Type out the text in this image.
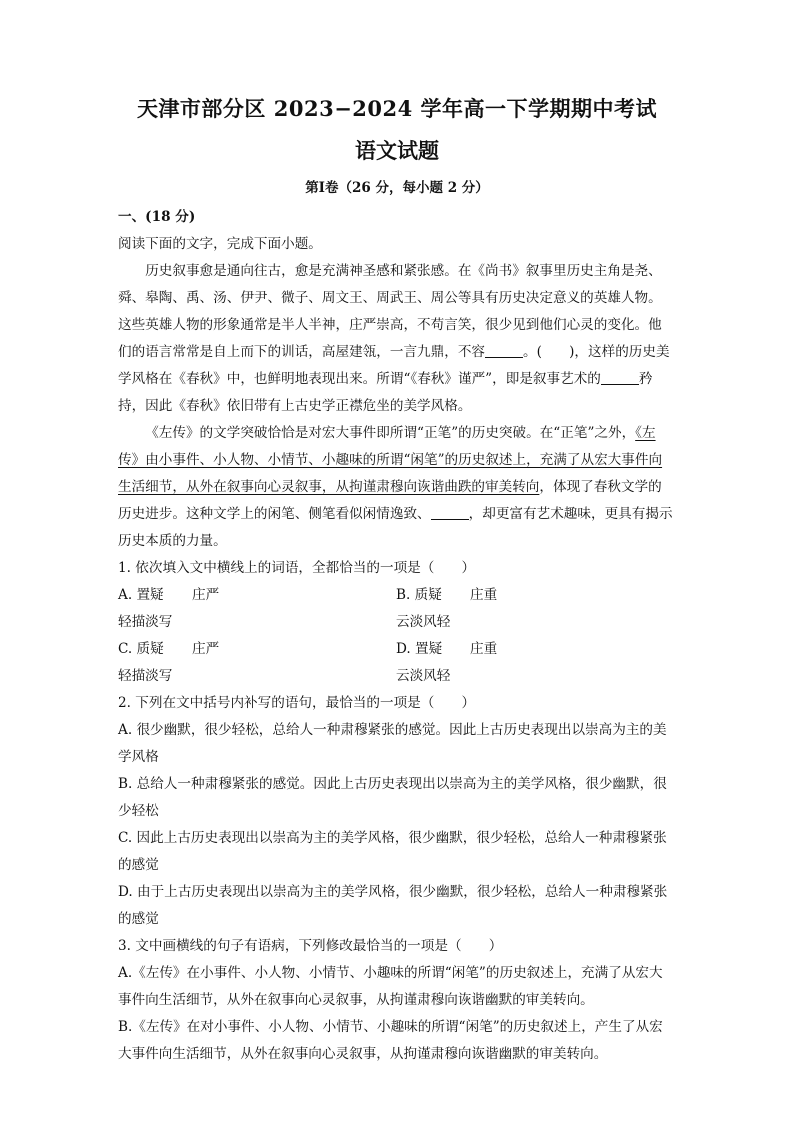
天津市部分区 2023−2024 学年高一下学期期中考试
语文试题
第Ⅰ卷（26 分，每小题 2 分）

一、(18 分)

阅读下面的文字，完成下面小题。

历史叙事愈是通向往古，愈是充满神圣感和紧张感。在《尚书》叙事里历史主角是尧、舜、皋陶、禹、汤、伊尹、微子、周文王、周武王、周公等具有历史决定意义的英雄人物。这些英雄人物的形象通常是半人半神，庄严崇高，不苟言笑，很少见到他们心灵的变化。他们的语言常常是自上而下的训话，高屋建瓴，一言九鼎，不容	。(　　)，这样的历史美学风格在《春秋》中，也鲜明地表现出来。所谓“《春秋》谨严”，即是叙事艺术的	矜持，因此《春秋》依旧带有上古史学正襟危坐的美学风格。

《左传》的文学突破恰恰是对宏大事件即所谓“正笔”的历史突破。在“正笔”之外，《左传》由小事件、小人物、小情节、小趣味的所谓“闲笔”的历史叙述上，充满了从宏大事件向生活细节，从外在叙事向心灵叙事，从拘谨肃穆向诙谐曲跌的审美转向，体现了春秋文学的历史进步。这种文学上的闲笔、侧笔看似闲情逸致、	，却更富有艺术趣味，更具有揭示历史本质的力量。

1. 依次填入文中横线上的词语，全都恰当的一项是（　　）

A. 置疑 庄严轻描淡写
B. 质疑 庄重云淡风轻
C. 质疑 庄严轻描淡写
D. 置疑 庄重云淡风轻

2. 下列在文中括号内补写的语句，最恰当的一项是（　　）

A. 很少幽默，很少轻松，总给人一种肃穆紧张的感觉。因此上古历史表现出以崇高为主的美学风格

B. 总给人一种肃穆紧张的感觉。因此上古历史表现出以崇高为主的美学风格，很少幽默，很少轻松

C. 因此上古历史表现出以崇高为主的美学风格，很少幽默，很少轻松，总给人一种肃穆紧张的感觉

D. 由于上古历史表现出以崇高为主的美学风格，很少幽默，很少轻松，总给人一种肃穆紧张的感觉

3. 文中画横线的句子有语病，下列修改最恰当的一项是（　　）

A.《左传》在小事件、小人物、小情节、小趣味的所谓“闲笔”的历史叙述上，充满了从宏大事件向生活细节，从外在叙事向心灵叙事，从拘谨肃穆向诙谐幽默的审美转向。

B.《左传》在对小事件、小人物、小情节、小趣味的所谓“闲笔”的历史叙述上，产生了从宏大事件向生活细节，从外在叙事向心灵叙事，从拘谨肃穆向诙谐幽默的审美转向。
